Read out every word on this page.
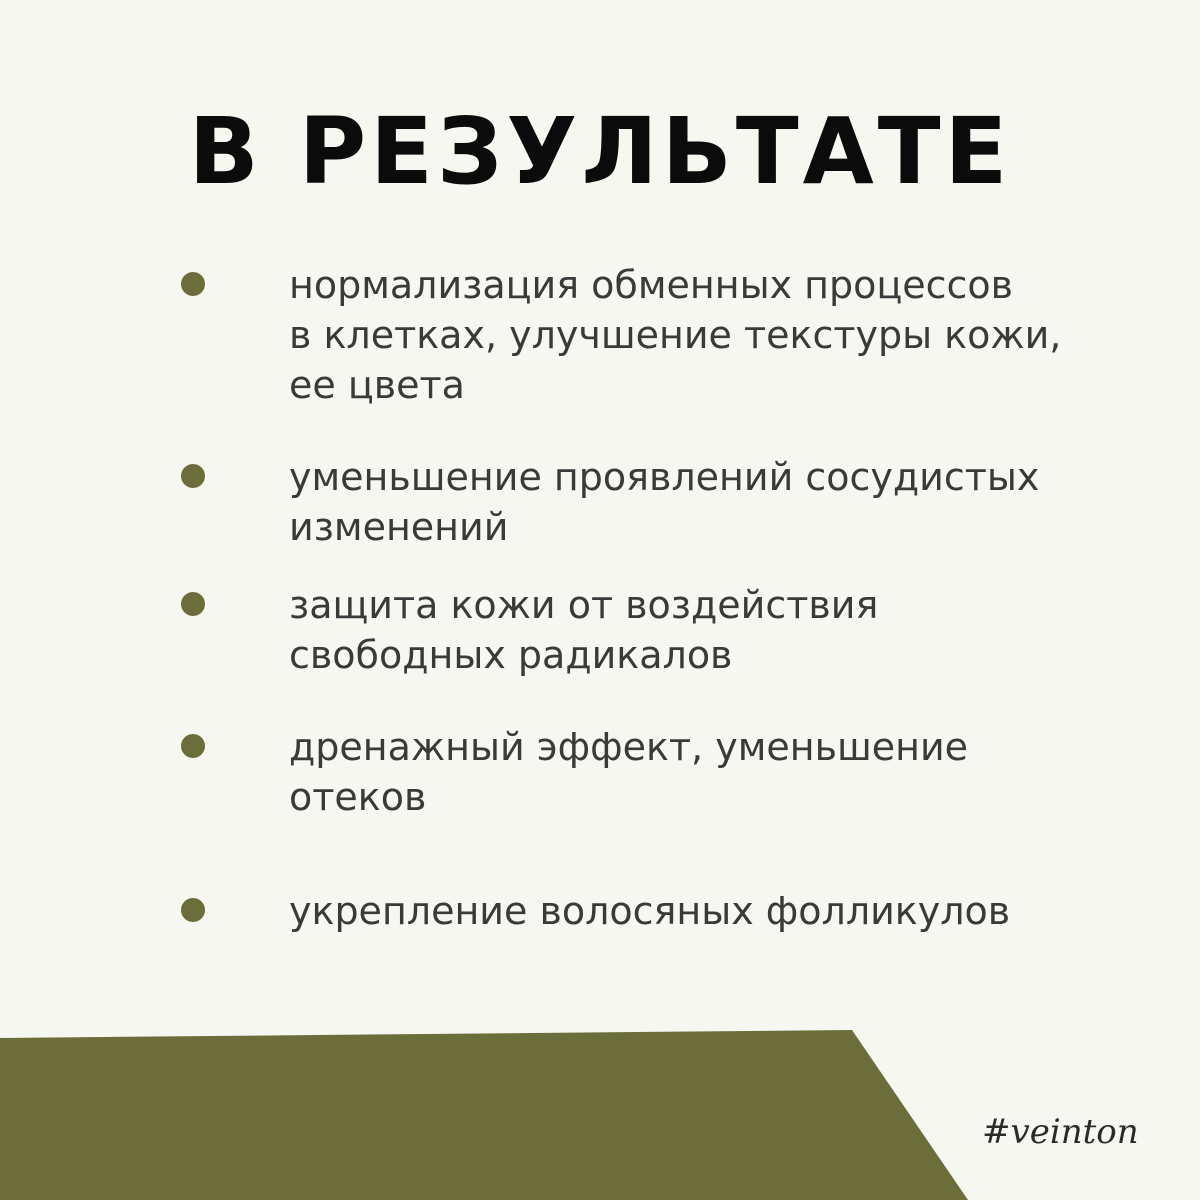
В РЕЗУЛЬТАТЕ

нормализация обменных процессов
в клетках, улучшение текстуры кожи,
ее цвета

уменьшение проявлений сосудистых
изменений

защита кожи от воздействия
свободных радикалов

дренажный эффект, уменьшение
отеков

укрепление волосяных фолликулов

#veinton
